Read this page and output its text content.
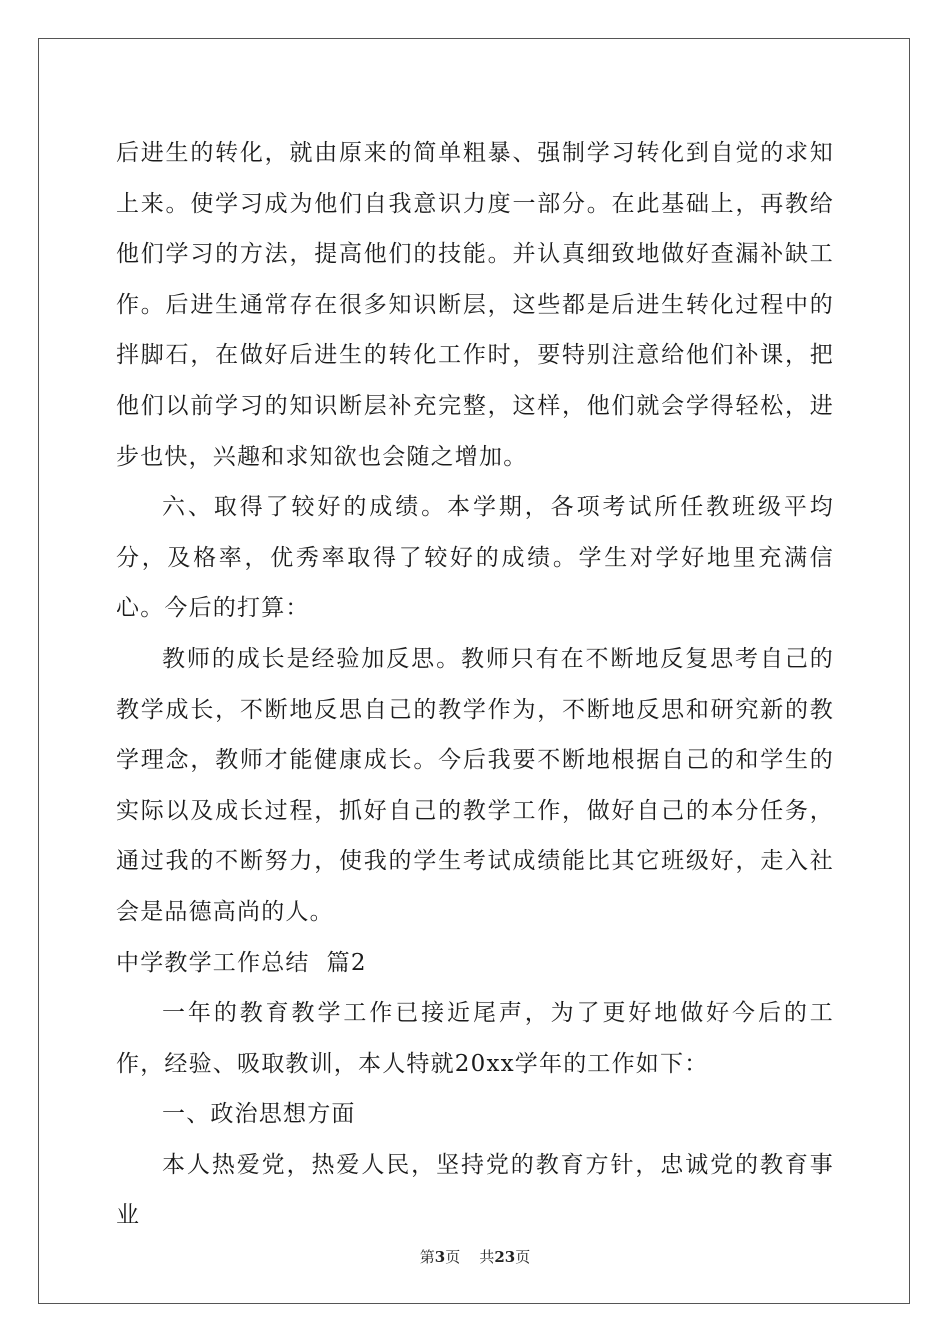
后进生的转化，就由原来的简单粗暴、强制学习转化到自觉的求知上来。使学习成为他们自我意识力度一部分。在此基础上，再教给他们学习的方法，提高他们的技能。并认真细致地做好查漏补缺工作。后进生通常存在很多知识断层，这些都是后进生转化过程中的拌脚石，在做好后进生的转化工作时，要特别注意给他们补课，把他们以前学习的知识断层补充完整，这样，他们就会学得轻松，进步也快，兴趣和求知欲也会随之增加。

六、取得了较好的成绩。本学期，各项考试所任教班级平均分，及格率，优秀率取得了较好的成绩。学生对学好地里充满信心。今后的打算：

教师的成长是经验加反思。教师只有在不断地反复思考自己的教学成长，不断地反思自己的教学作为，不断地反思和研究新的教学理念，教师才能健康成长。今后我要不断地根据自己的和学生的实际以及成长过程，抓好自己的教学工作，做好自己的本分任务，通过我的不断努力，使我的学生考试成绩能比其它班级好，走入社会是品德高尚的人。

中学教学工作总结  篇2

一年的教育教学工作已接近尾声，为了更好地做好今后的工作，经验、吸取教训，本人特就20xx学年的工作如下：

一、政治思想方面

本人热爱党，热爱人民，坚持党的教育方针，忠诚党的教育事业

第3页 共23页
